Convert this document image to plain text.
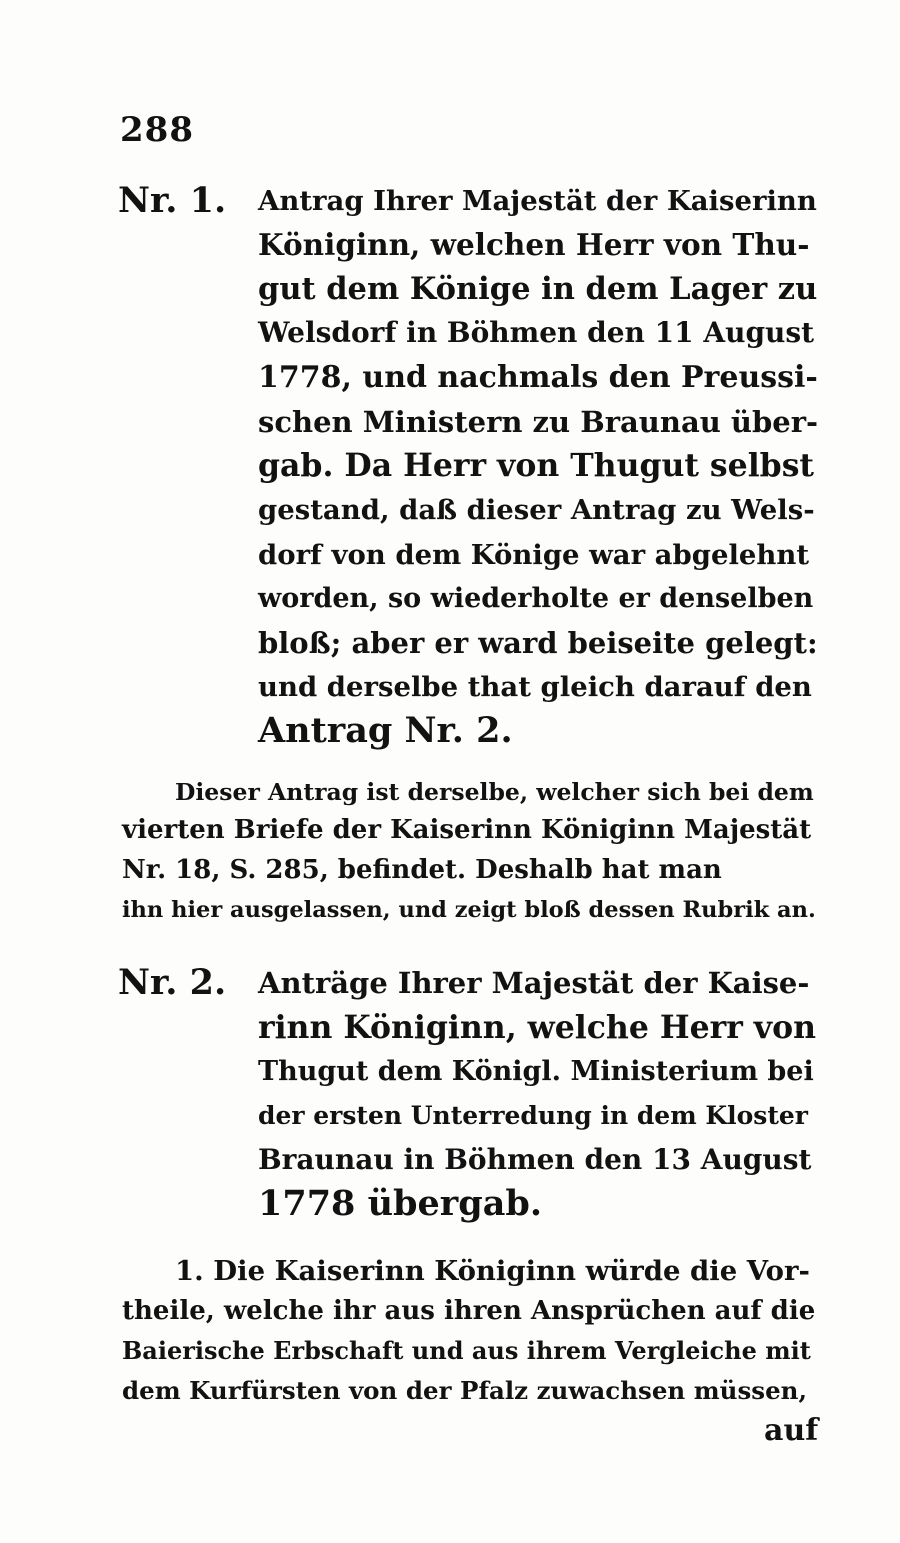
288
Nr. 1. Antrag Ihrer Majestät der Kaiserinn
Königinn, welchen Herr von Thu-
gut dem Könige in dem Lager zu
Welsdorf in Böhmen den 11 August
1778, und nachmals den Preussi-
schen Ministern zu Braunau über-
gab. Da Herr von Thugut selbst
gestand, daß dieser Antrag zu Wels-
dorf von dem Könige war abgelehnt
worden, so wiederholte er denselben
bloß; aber er ward beiseite gelegt:
und derselbe that gleich darauf den
Antrag Nr. 2.
Dieser Antrag ist derselbe, welcher sich bei dem
vierten Briefe der Kaiserinn Königinn Majestät
Nr. 18, S. 285, befindet. Deshalb hat man
ihn hier ausgelassen, und zeigt bloß dessen Rubrik an.
Nr. 2. Anträge Ihrer Majestät der Kaise-
rinn Königinn, welche Herr von
Thugut dem Königl. Ministerium bei
der ersten Unterredung in dem Kloster
Braunau in Böhmen den 13 August
1778 übergab.
1. Die Kaiserinn Königinn würde die Vor-
theile, welche ihr aus ihren Ansprüchen auf die
Baierische Erbschaft und aus ihrem Vergleiche mit
dem Kurfürsten von der Pfalz zuwachsen müssen,
auf
